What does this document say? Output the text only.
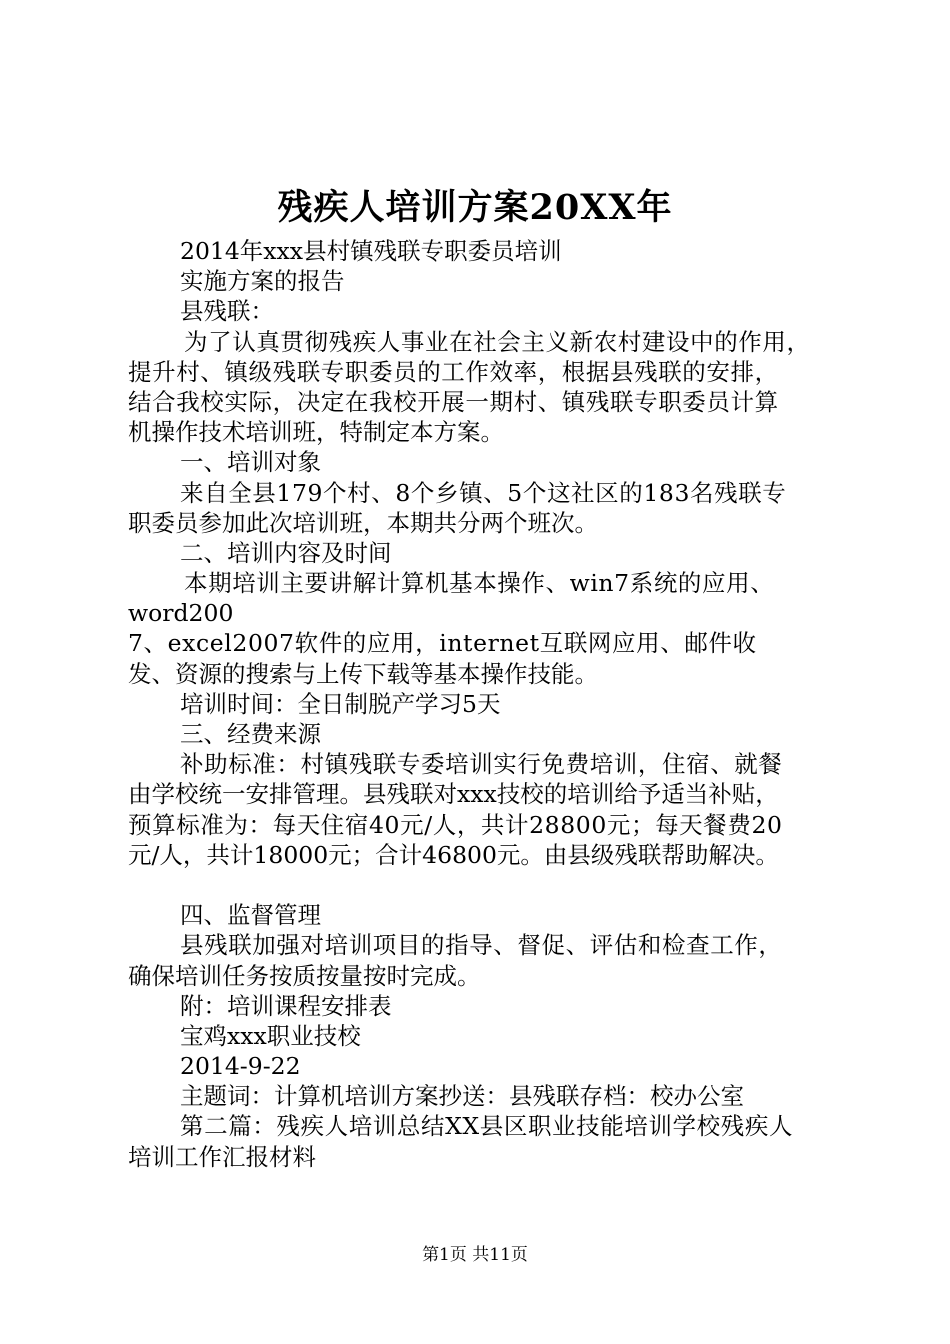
残疾人培训方案20XX年
2014年xxx县村镇残联专职委员培训
实施方案的报告
县残联：
为了认真贯彻残疾人事业在社会主义新农村建设中的作用，
提升村、镇级残联专职委员的工作效率，根据县残联的安排，
结合我校实际，决定在我校开展一期村、镇残联专职委员计算
机操作技术培训班，特制定本方案。
一、培训对象
来自全县179个村、8个乡镇、5个这社区的183名残联专
职委员参加此次培训班，本期共分两个班次。
二、培训内容及时间
本期培训主要讲解计算机基本操作、win7系统的应用、
word200
7、excel2007软件的应用，internet互联网应用、邮件收
发、资源的搜索与上传下载等基本操作技能。
培训时间：全日制脱产学习5天
三、经费来源
补助标准：村镇残联专委培训实行免费培训，住宿、就餐
由学校统一安排管理。县残联对xxx技校的培训给予适当补贴，
预算标准为：每天住宿40元/人，共计28800元；每天餐费20
元/人，共计18000元；合计46800元。由县级残联帮助解决。
四、监督管理
县残联加强对培训项目的指导、督促、评估和检查工作，
确保培训任务按质按量按时完成。
附：培训课程安排表
宝鸡xxx职业技校
2014-9-22
主题词：计算机培训方案抄送：县残联存档：校办公室
第二篇：残疾人培训总结XX县区职业技能培训学校残疾人
培训工作汇报材料
第1页 共11页
